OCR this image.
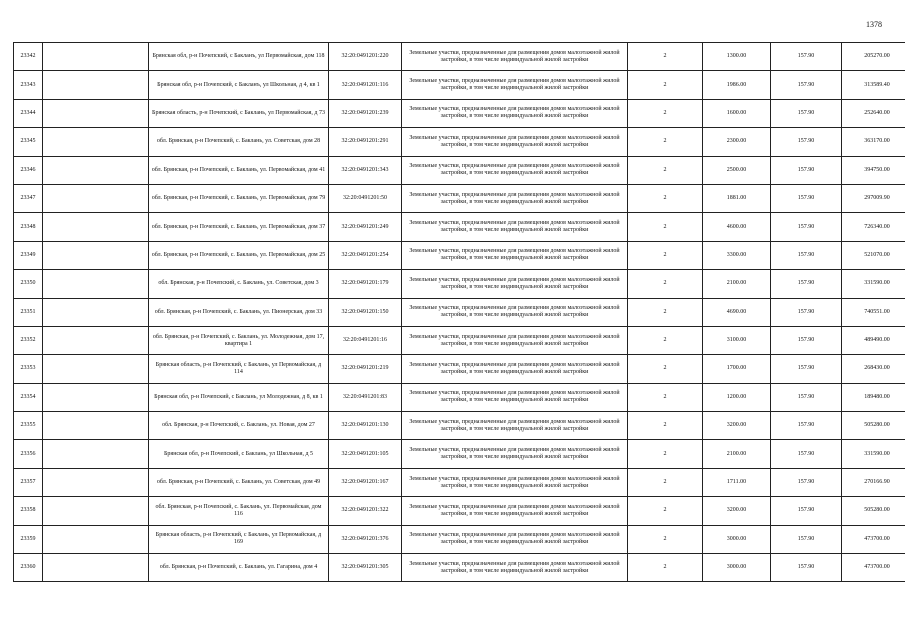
1378
23342		Брянская обл, р-н Почепский, с Бакланъ, ул Первомайская, дом 118	32:20:0491201:220	Земельные участки, предназначенные для размещения домов малоэтажной жилой застройки, в том числе индивидуальной жилой застройки	2	1300.00	157.90	205270.00
23343		Брянская обл, р-н Почепский, с Бакланъ, ул Школьная, д 4, кв 1	32:20:0491201:116	Земельные участки, предназначенные для размещения домов малоэтажной жилой застройки, в том числе индивидуальной жилой застройки	2	1986.00	157.90	313589.40
23344		Брянская область, р-н Почепский, с Баклань, ул Первомайская, д 73	32:20:0491201:239	Земельные участки, предназначенные для размещения домов малоэтажной жилой застройки, в том числе индивидуальной жилой застройки	2	1600.00	157.90	252640.00
23345		обл. Брянская, р-н Почепский, с. Баклань, ул. Советская, дом 28	32:20:0491201:291	Земельные участки, предназначенные для размещения домов малоэтажной жилой застройки, в том числе индивидуальной жилой застройки	2	2300.00	157.90	363170.00
23346		обл. Брянская, р-н Почепский, с. Баклань, ул. Первомайская, дом 41	32:20:0491201:343	Земельные участки, предназначенные для размещения домов малоэтажной жилой застройки, в том числе индивидуальной жилой застройки	2	2500.00	157.90	394750.00
23347		обл. Брянская, р-н Почепский, с. Баклань, ул. Первомайская, дом 79	32:20:0491201:50	Земельные участки, предназначенные для размещения домов малоэтажной жилой застройки, в том числе индивидуальной жилой застройки	2	1881.00	157.90	297009.90
23348		обл. Брянская, р-н Почепский, с. Баклань, ул. Первомайская, дом 37	32:20:0491201:249	Земельные участки, предназначенные для размещения домов малоэтажной жилой застройки, в том числе индивидуальной жилой застройки	2	4600.00	157.90	726340.00
23349		обл. Брянская, р-н Почепский, с. Баклань, ул. Первомайская, дом 25	32:20:0491201:254	Земельные участки, предназначенные для размещения домов малоэтажной жилой застройки, в том числе индивидуальной жилой застройки	2	3300.00	157.90	521070.00
23350		обл. Брянская, р-н Почепский, с. Баклань, ул. Советская, дом 3	32:20:0491201:179	Земельные участки, предназначенные для размещения домов малоэтажной жилой застройки, в том числе индивидуальной жилой застройки	2	2100.00	157.90	331590.00
23351		обл. Брянская, р-н Почепский, с. Баклань, ул. Пионерская, дом 33	32:20:0491201:150	Земельные участки, предназначенные для размещения домов малоэтажной жилой застройки, в том числе индивидуальной жилой застройки	2	4690.00	157.90	740551.00
23352		обл. Брянская, р-н Почепский, с. Баклань, ул. Молодежная, дом 17, квартира 1	32:20:0491201:16	Земельные участки, предназначенные для размещения домов малоэтажной жилой застройки, в том числе индивидуальной жилой застройки	2	3100.00	157.90	489490.00
23353		Брянская область, р-н Почепский, с Баклань, ул Первомайская, д 114	32:20:0491201:219	Земельные участки, предназначенные для размещения домов малоэтажной жилой застройки, в том числе индивидуальной жилой застройки	2	1700.00	157.90	268430.00
23354		Брянская обл, р-н Почепский, с Баклань, ул Молодежная, д 8, кв 1	32:20:0491201:83	Земельные участки, предназначенные для размещения домов малоэтажной жилой застройки, в том числе индивидуальной жилой застройки	2	1200.00	157.90	189480.00
23355		обл. Брянская, р-н Почепский, с. Баклань, ул. Новая, дом 27	32:20:0491201:130	Земельные участки, предназначенные для размещения домов малоэтажной жилой застройки, в том числе индивидуальной жилой застройки	2	3200.00	157.90	505280.00
23356		Брянская обл, р-н Почепский, с Баклань, ул Школьная, д 5	32:20:0491201:105	Земельные участки, предназначенные для размещения домов малоэтажной жилой застройки, в том числе индивидуальной жилой застройки	2	2100.00	157.90	331590.00
23357		обл. Брянская, р-н Почепский, с. Баклань, ул. Советская, дом 49	32:20:0491201:167	Земельные участки, предназначенные для размещения домов малоэтажной жилой застройки, в том числе индивидуальной жилой застройки	2	1711.00	157.90	270166.90
23358		обл. Брянская, р-н Почепский, с. Баклань, ул. Первомайская, дом 116	32:20:0491201:322	Земельные участки, предназначенные для размещения домов малоэтажной жилой застройки, в том числе индивидуальной жилой застройки	2	3200.00	157.90	505280.00
23359		Брянская область, р-н Почепский, с Баклань, ул Первомайская, д 169	32:20:0491201:376	Земельные участки, предназначенные для размещения домов малоэтажной жилой застройки, в том числе индивидуальной жилой застройки	2	3000.00	157.90	473700.00
23360		обл. Брянская, р-н Почепский, с. Баклань, ул. Гагарина, дом 4	32:20:0491201:305	Земельные участки, предназначенные для размещения домов малоэтажной жилой застройки, в том числе индивидуальной жилой застройки	2	3000.00	157.90	473700.00
